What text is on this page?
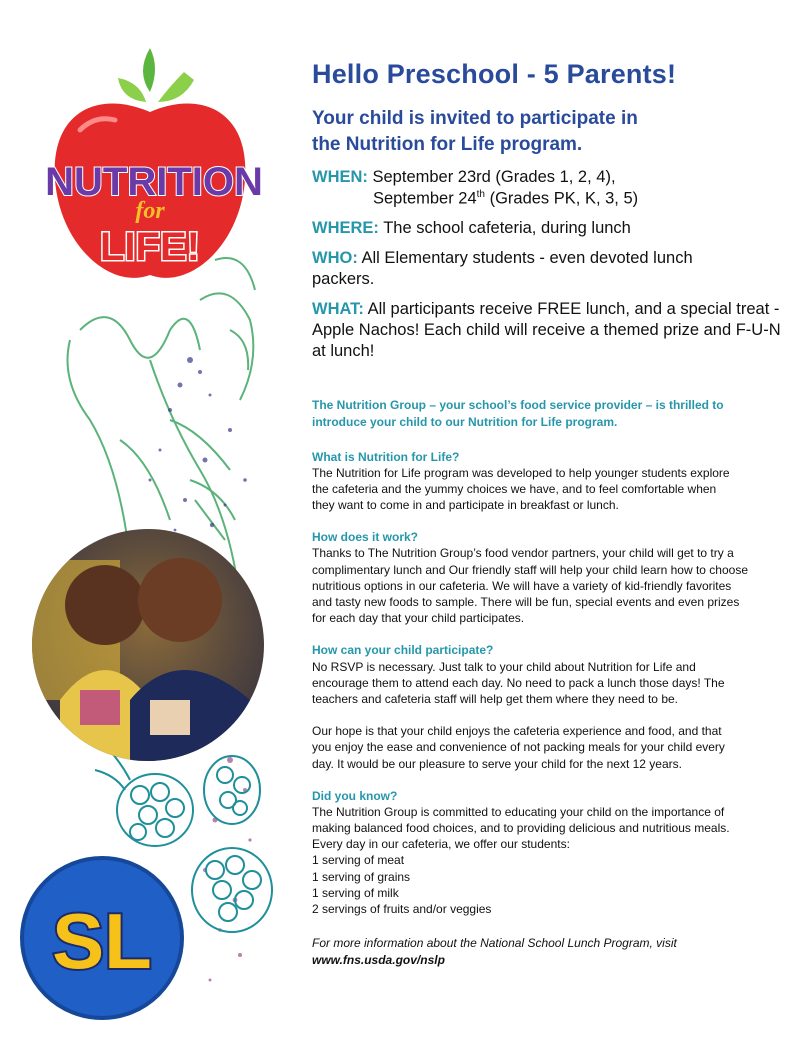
NUTRITION
for
LIFE!
SL
Hello Preschool - 5 Parents!
Your child is invited to participate in
the Nutrition for Life program.
WHEN: September 23rd (Grades 1, 2, 4),
September 24th (Grades PK, K, 3, 5)
WHERE: The school cafeteria, during lunch
WHO: All Elementary students - even devoted lunch packers.
WHAT: All participants receive FREE lunch, and a special treat - Apple Nachos! Each child will receive a themed prize and F-U-N at lunch!
The Nutrition Group – your school’s food service provider – is thrilled to introduce your child to our Nutrition for Life program.
What is Nutrition for Life?
The Nutrition for Life program was developed to help younger students explore the cafeteria and the yummy choices we have, and to feel comfortable when they want to come in and participate in breakfast or lunch.
How does it work?
Thanks to The Nutrition Group’s food vendor partners, your child will get to try a complimentary lunch and Our friendly staff will help your child learn how to choose nutritious options in our cafeteria. We will have a variety of kid-friendly favorites and tasty new foods to sample. There will be fun, special events and even prizes for each day that your child participates.
How can your child participate?
No RSVP is necessary. Just talk to your child about Nutrition for Life and encourage them to attend each day. No need to pack a lunch those days! The teachers and cafeteria staff will help get them where they need to be.
Our hope is that your child enjoys the cafeteria experience and food, and that you enjoy the ease and convenience of not packing meals for your child every day. It would be our pleasure to serve your child for the next 12 years.
Did you know?
The Nutrition Group is committed to educating your child on the importance of making balanced food choices, and to providing delicious and nutritious meals. Every day in our cafeteria, we offer our students:
1 serving of meat
1 serving of grains
1 serving of milk
2 servings of fruits and/or veggies
For more information about the National School Lunch Program, visit
www.fns.usda.gov/nslp
